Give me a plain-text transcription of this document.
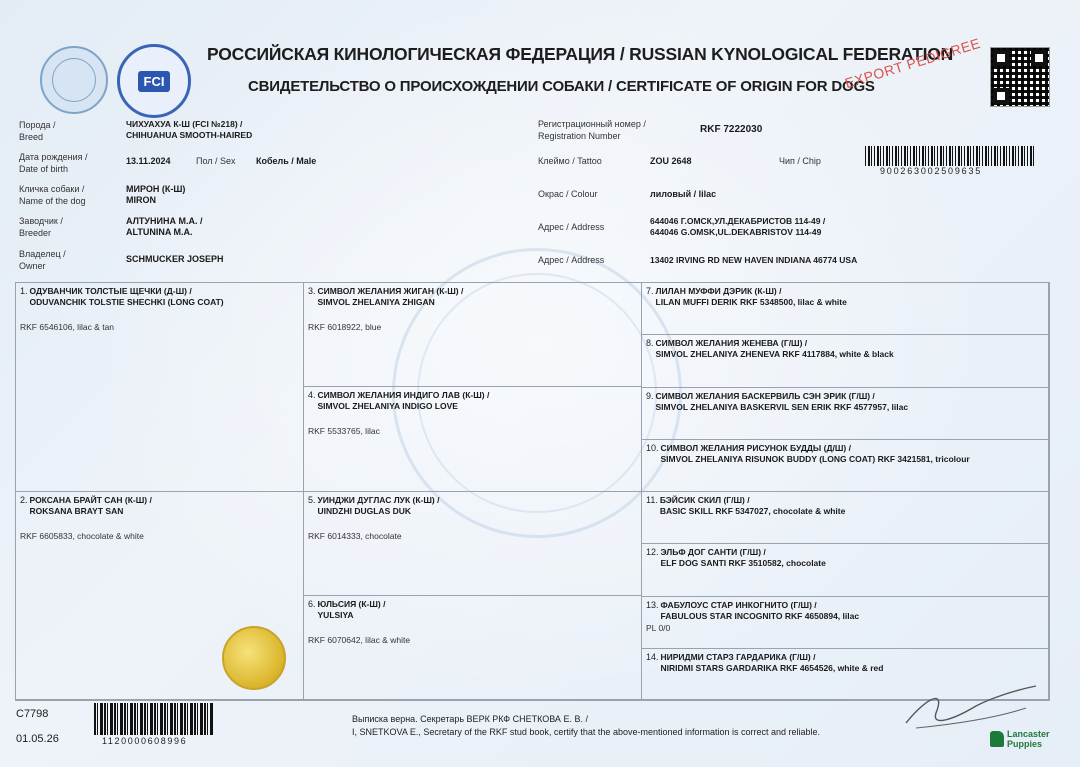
FCI
РОССИЙСКАЯ КИНОЛОГИЧЕСКАЯ ФЕДЕРАЦИЯ / RUSSIAN KYNOLOGICAL FEDERATION
СВИДЕТЕЛЬСТВО О ПРОИСХОЖДЕНИИ СОБАКИ / CERTIFICATE OF ORIGIN FOR DOGS
EXPORT PEDIGREE
Порода /
Breed
ЧИХУАХУА К-Ш (FCI №218) /
CHIHUAHUA SMOOTH-HAIRED
Дата рождения /
Date of birth
13.11.2024	Пол / Sex Кобель / Male
Кличка собаки /
Name of the dog
МИРОН (К-Ш)
MIRON
Заводчик /
Breeder
АЛТУНИНА М.А. /
ALTUNINA M.A.
Владелец /
Owner
SCHMUCKER JOSEPH
Регистрационный номер /
Registration Number
RKF 7222030
Клеймо / Tattoo	ZOU 2648	Чип / Chip
900263002509635
Окрас / Colour	лиловый / lilac
Адрес / Address
644046 Г.ОМСК,УЛ.ДЕКАБРИСТОВ 114-49 /
644046 G.OMSK,UL.DEKABRISTOV 114-49
Адрес / Address	13402 IRVING RD NEW HAVEN INDIANA 46774 USA
1. ОДУВАНЧИК ТОЛСТЫЕ ЩЕЧКИ (Д-Ш) /
ODUVANCHIK TOLSTIE SHECHKI (LONG COAT)
RKF 6546106, lilac & tan
2. РОКСАНА БРАЙТ САН (К-Ш) /
ROKSANA BRAYT SAN
RKF 6605833, chocolate & white
3. СИМВОЛ ЖЕЛАНИЯ ЖИГАН (К-Ш) /
SIMVOL ZHELANIYA ZHIGAN
RKF 6018922, blue
4. СИМВОЛ ЖЕЛАНИЯ ИНДИГО ЛАВ (К-Ш) /
SIMVOL ZHELANIYA INDIGO LOVE
RKF 5533765, lilac
5. УИНДЖИ ДУГЛАС ЛУК (К-Ш) /
UINDZHI DUGLAS DUK
RKF 6014333, chocolate
6. ЮЛЬСИЯ (К-Ш) /
YULSIYA
RKF 6070642, lilac & white
7. ЛИЛАН МУФФИ ДЭРИК (К-Ш) /
LILAN MUFFI DERIK RKF 5348500, lilac & white
8. СИМВОЛ ЖЕЛАНИЯ ЖЕНЕВА (Г/Ш) /
SIMVOL ZHELANIYA ZHENEVA RKF 4117884, white & black
9. СИМВОЛ ЖЕЛАНИЯ БАСКЕРВИЛЬ СЭН ЭРИК (Г/Ш) /
SIMVOL ZHELANIYA BASKERVIL SEN ERIK RKF 4577957, lilac
10. СИМВОЛ ЖЕЛАНИЯ РИСУНОК БУДДЫ (Д/Ш) /
SIMVOL ZHELANIYA RISUNOK BUDDY (LONG COAT) RKF 3421581, tricolour
11. БЭЙСИК СКИЛ (Г/Ш) /
BASIC SKILL RKF 5347027, chocolate & white
12. ЭЛЬФ ДОГ САНТИ (Г/Ш) /
ELF DOG SANTI RKF 3510582, chocolate
13. ФАБУЛОУС СТАР ИНКОГНИТО (Г/Ш) /
FABULOUS STAR INCOGNITO RKF 4650894, lilac
PL 0/0
14. НИРИДМИ СТАРЗ ГАРДАРИКА (Г/Ш) /
NIRIDMI STARS GARDARIKA RKF 4654526, white & red
C7798
01.05.26	1120000608996
Выписка верна. Секретарь ВЕРК РКФ СНЕТКОВА Е. В. /
I, SNETKOVA E., Secretary of the RKF stud book, certify that the above-mentioned information is correct and reliable.	Lancaster
Puppies
